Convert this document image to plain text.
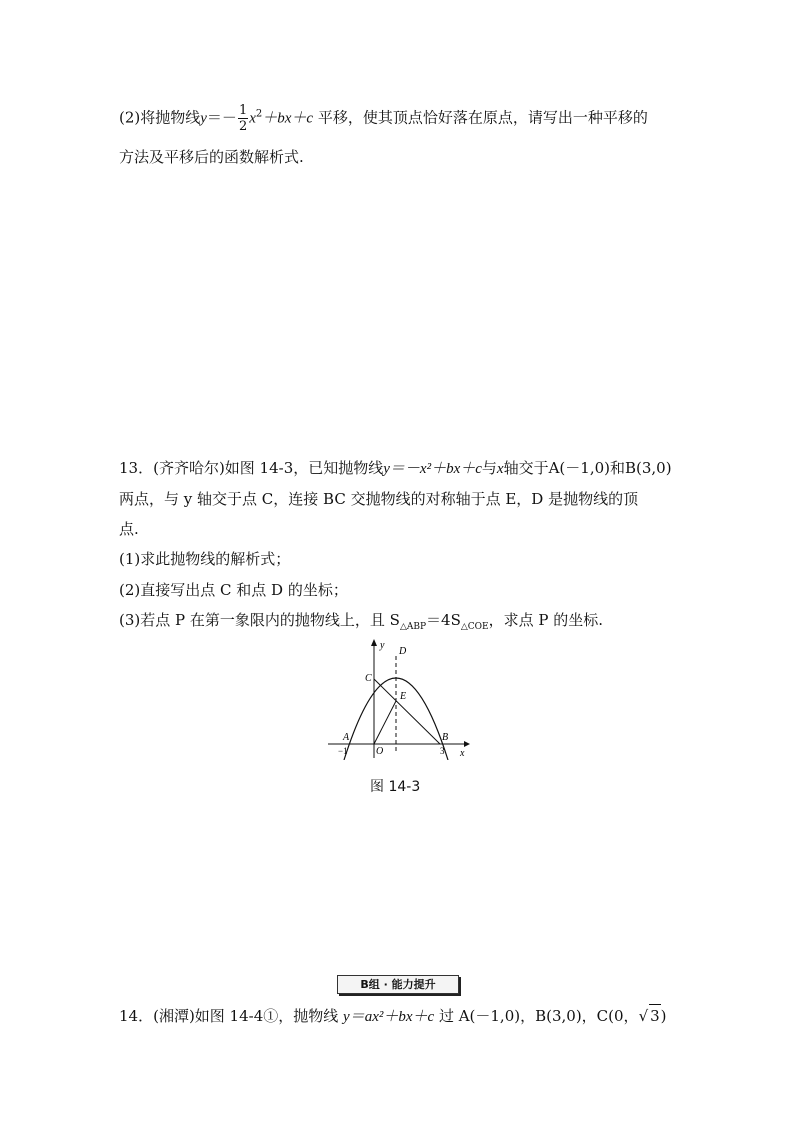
(2)将抛物线$y=- \frac{1}{2} x^2+bx+c$ 平移，使其顶点恰好落在原点，请写出一种平移的
方法及平移后的函数解析式.
13．(齐齐哈尔)如图 14-3，已知抛物线y＝－x²＋bx＋c与x轴交于A(－1,0)和B(3,0)
两点，与 y 轴交于点 C，连接 BC 交抛物线的对称轴于点 E，D 是抛物线的顶
点.
(1)求此抛物线的解析式；
(2)直接写出点 C 和点 D 的坐标；
(3)若点 P 在第一象限内的抛物线上，且 $S_{\triangle ABP}=4S_{\triangle COE}$，求点 P 的坐标.
y
x
D
C
E
A	B
O
−1	3
图 14-3
B组 · 能力提升
14．(湘潭)如图 14-4①，抛物线 y＝ax²＋bx＋c 过 A(－1,0)，B(3,0)，C(0，√ 3)
